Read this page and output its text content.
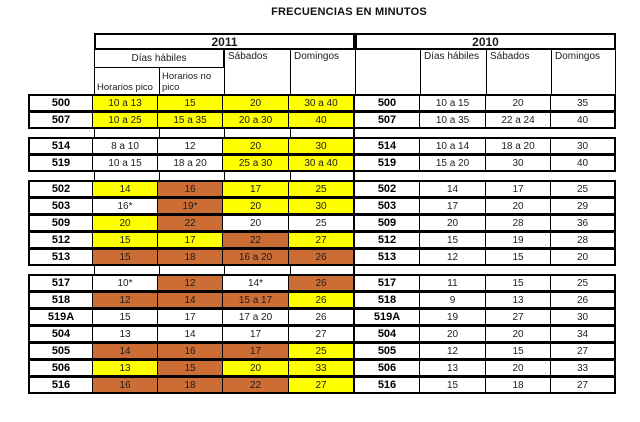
FRECUENCIAS EN MINUTOS
2011	2010
Días hábiles
Horarios pico
Horarios no pico
Sábados	Domingos	Días hábiles	Sábados	Domingos
500	10 a 13	15	20	30 a 40	500	10 a 15	20	35
507	10 a 25	15 a 35	20 a 30	40	507	10 a 35	22 a 24	40
514	8 a 10	12	20	30	514	10 a 14	18 a 20	30
519	10 a 15	18 a 20	25 a 30	30 a 40	519	15 a 20	30	40
502	14	16	17	25	502	14	17	25
503	16*	19*	20	30	503	17	20	29
509	20	22	20	25	509	20	28	36
512	15	17	22	27	512	15	19	28
513	15	18	16 a 20	26	513	12	15	20
517	10*	12	14*	26	517	11	15	25
518	12	14	15 a 17	26	518	9	13	26
519A	15	17	17 a 20	26	519A	19	27	30
504	13	14	17	27	504	20	20	34
505	14	16	17	25	505	12	15	27
506	13	15	20	33	506	13	20	33
516	16	18	22	27	516	15	18	27
